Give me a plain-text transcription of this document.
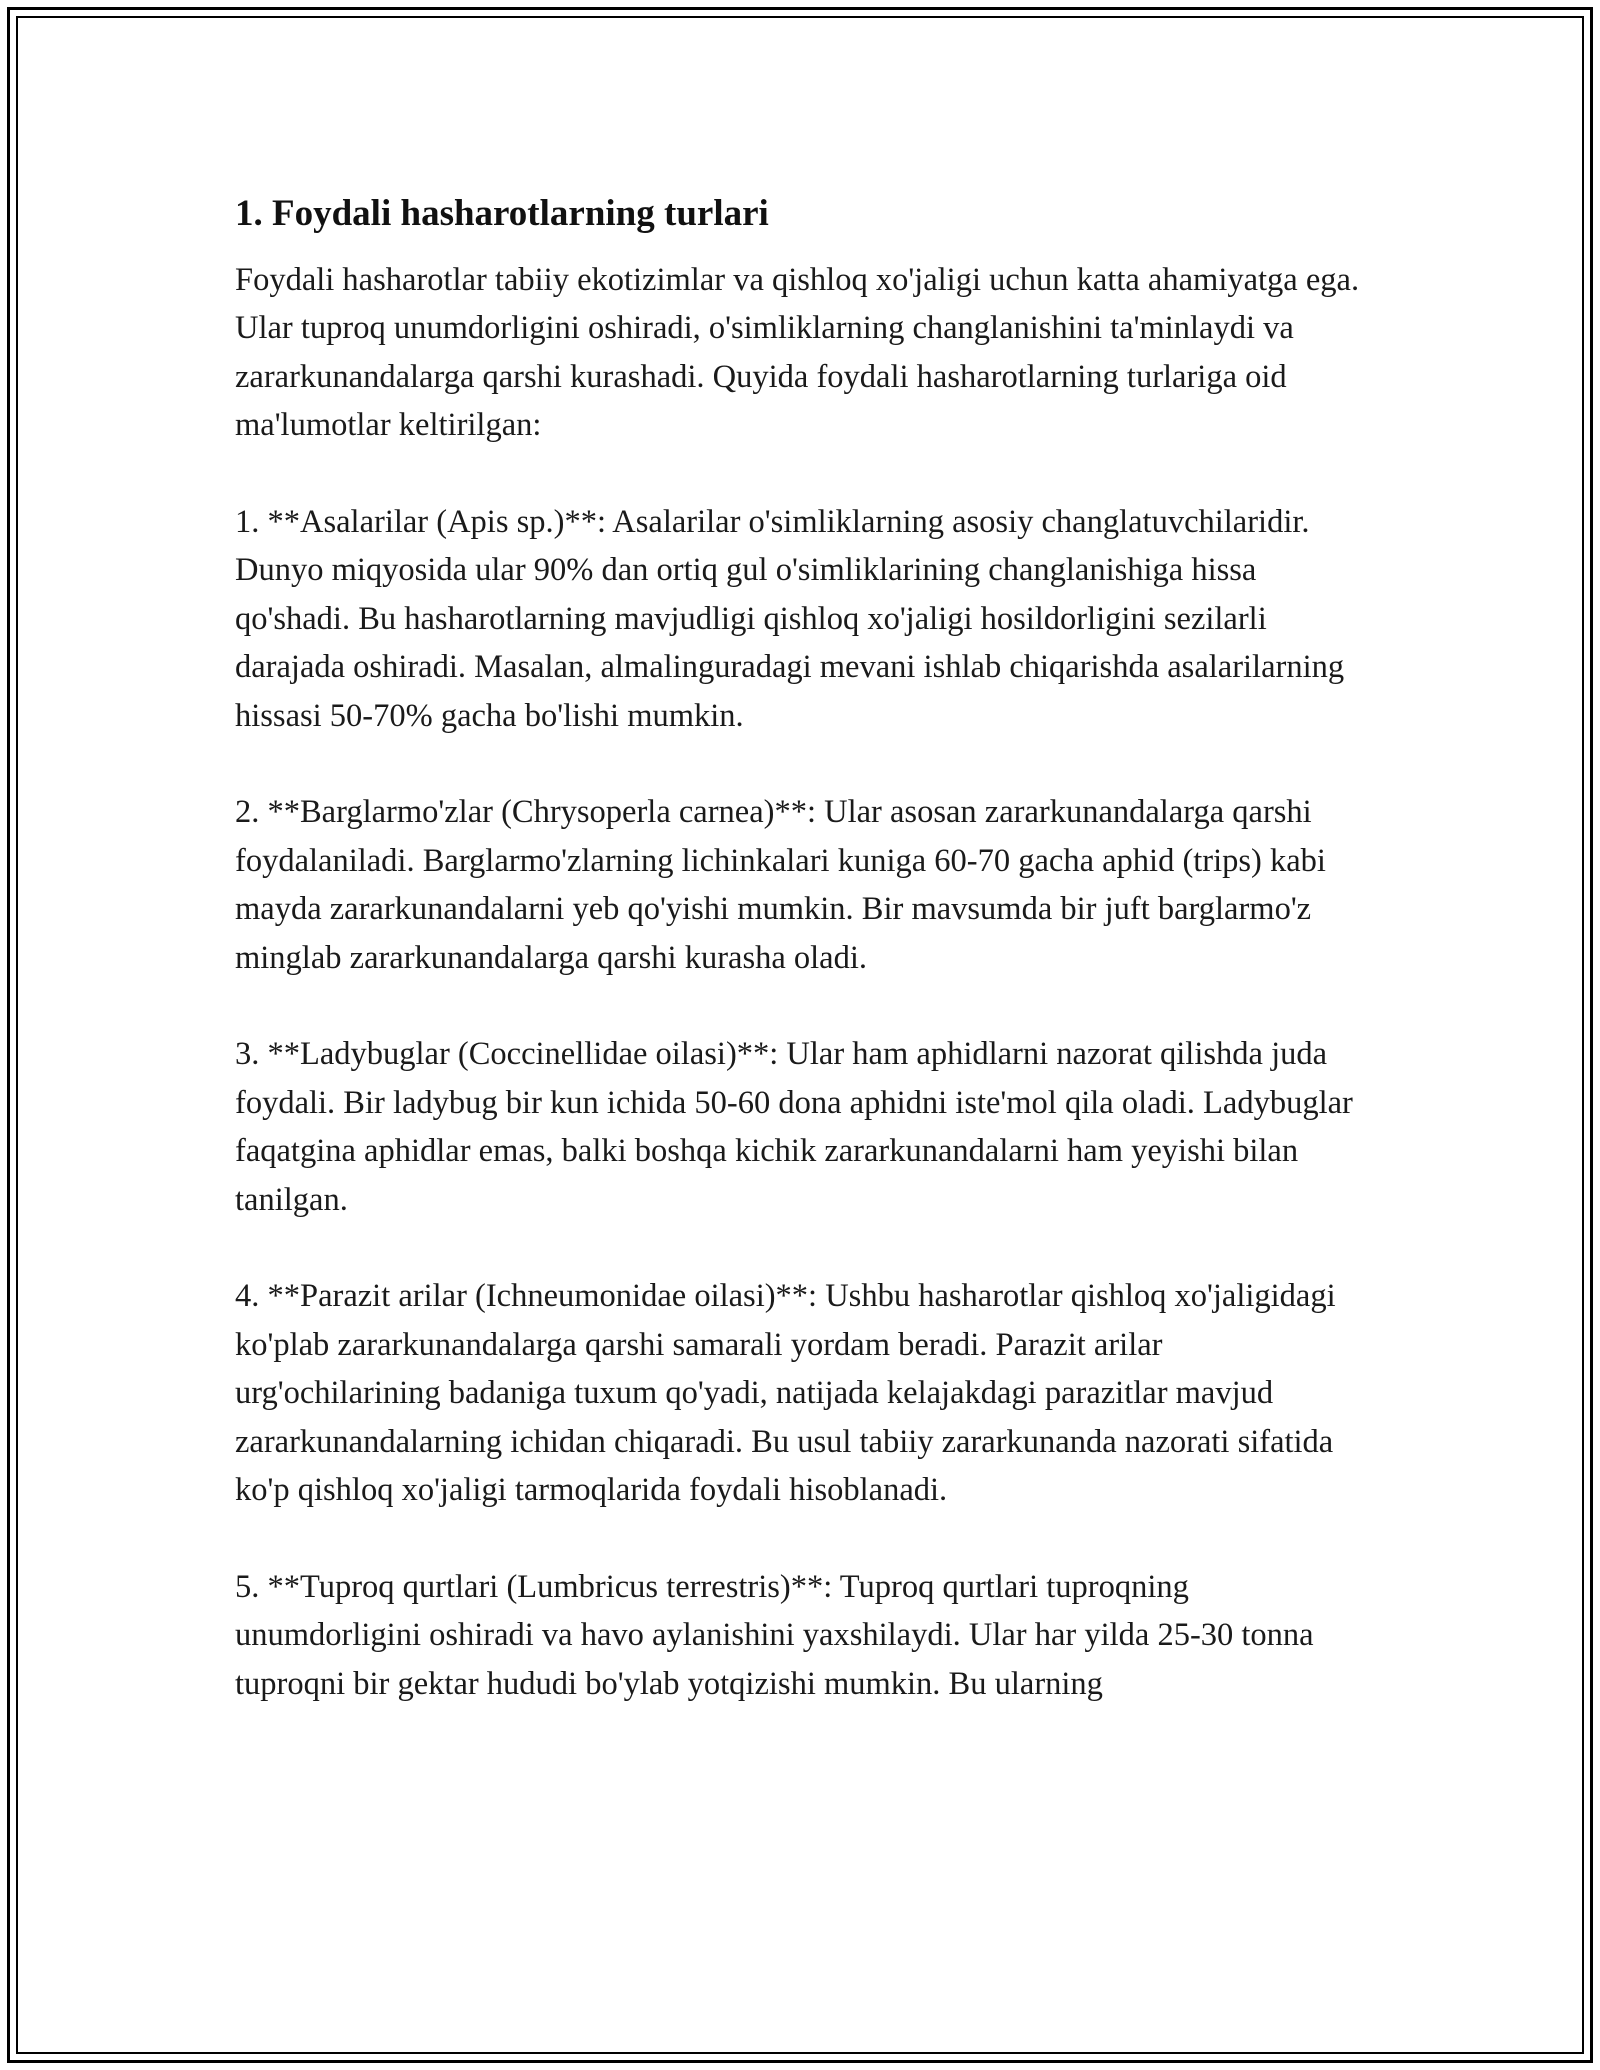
1. Foydali hasharotlarning turlari

Foydali hasharotlar tabiiy ekotizimlar va qishloq xo'jaligi uchun katta ahamiyatga ega. Ular tuproq unumdorligini oshiradi, o'simliklarning changlanishini ta'minlaydi va zararkunandalarga qarshi kurashadi. Quyida foydali hasharotlarning turlariga oid ma'lumotlar keltirilgan:

1. **Asalarilar (Apis sp.)**: Asalarilar o'simliklarning asosiy changlatuvchilaridir. Dunyo miqyosida ular 90% dan ortiq gul o'simliklarining changlanishiga hissa qo'shadi. Bu hasharotlarning mavjudligi qishloq xo'jaligi hosildorligini sezilarli darajada oshiradi. Masalan, almalinguradagi mevani ishlab chiqarishda asalarilarning hissasi 50-70% gacha bo'lishi mumkin.

2. **Barglarmo'zlar (Chrysoperla carnea)**: Ular asosan zararkunandalarga qarshi foydalaniladi. Barglarmo'zlarning lichinkalari kuniga 60-70 gacha aphid (trips) kabi mayda zararkunandalarni yeb qo'yishi mumkin. Bir mavsumda bir juft barglarmo'z minglab zararkunandalarga qarshi kurasha oladi.

3. **Ladybuglar (Coccinellidae oilasi)**: Ular ham aphidlarni nazorat qilishda juda foydali. Bir ladybug bir kun ichida 50-60 dona aphidni iste'mol qila oladi. Ladybuglar faqatgina aphidlar emas, balki boshqa kichik zararkunandalarni ham yeyishi bilan tanilgan.

4. **Parazit arilar (Ichneumonidae oilasi)**: Ushbu hasharotlar qishloq xo'jaligidagi ko'plab zararkunandalarga qarshi samarali yordam beradi. Parazit arilar urg'ochilarining badaniga tuxum qo'yadi, natijada kelajakdagi parazitlar mavjud zararkunandalarning ichidan chiqaradi. Bu usul tabiiy zararkunanda nazorati sifatida ko'p qishloq xo'jaligi tarmoqlarida foydali hisoblanadi.

5. **Tuproq qurtlari (Lumbricus terrestris)**: Tuproq qurtlari tuproqning unumdorligini oshiradi va havo aylanishini yaxshilaydi. Ular har yilda 25-30 tonna tuproqni bir gektar hududi bo'ylab yotqizishi mumkin. Bu ularning
